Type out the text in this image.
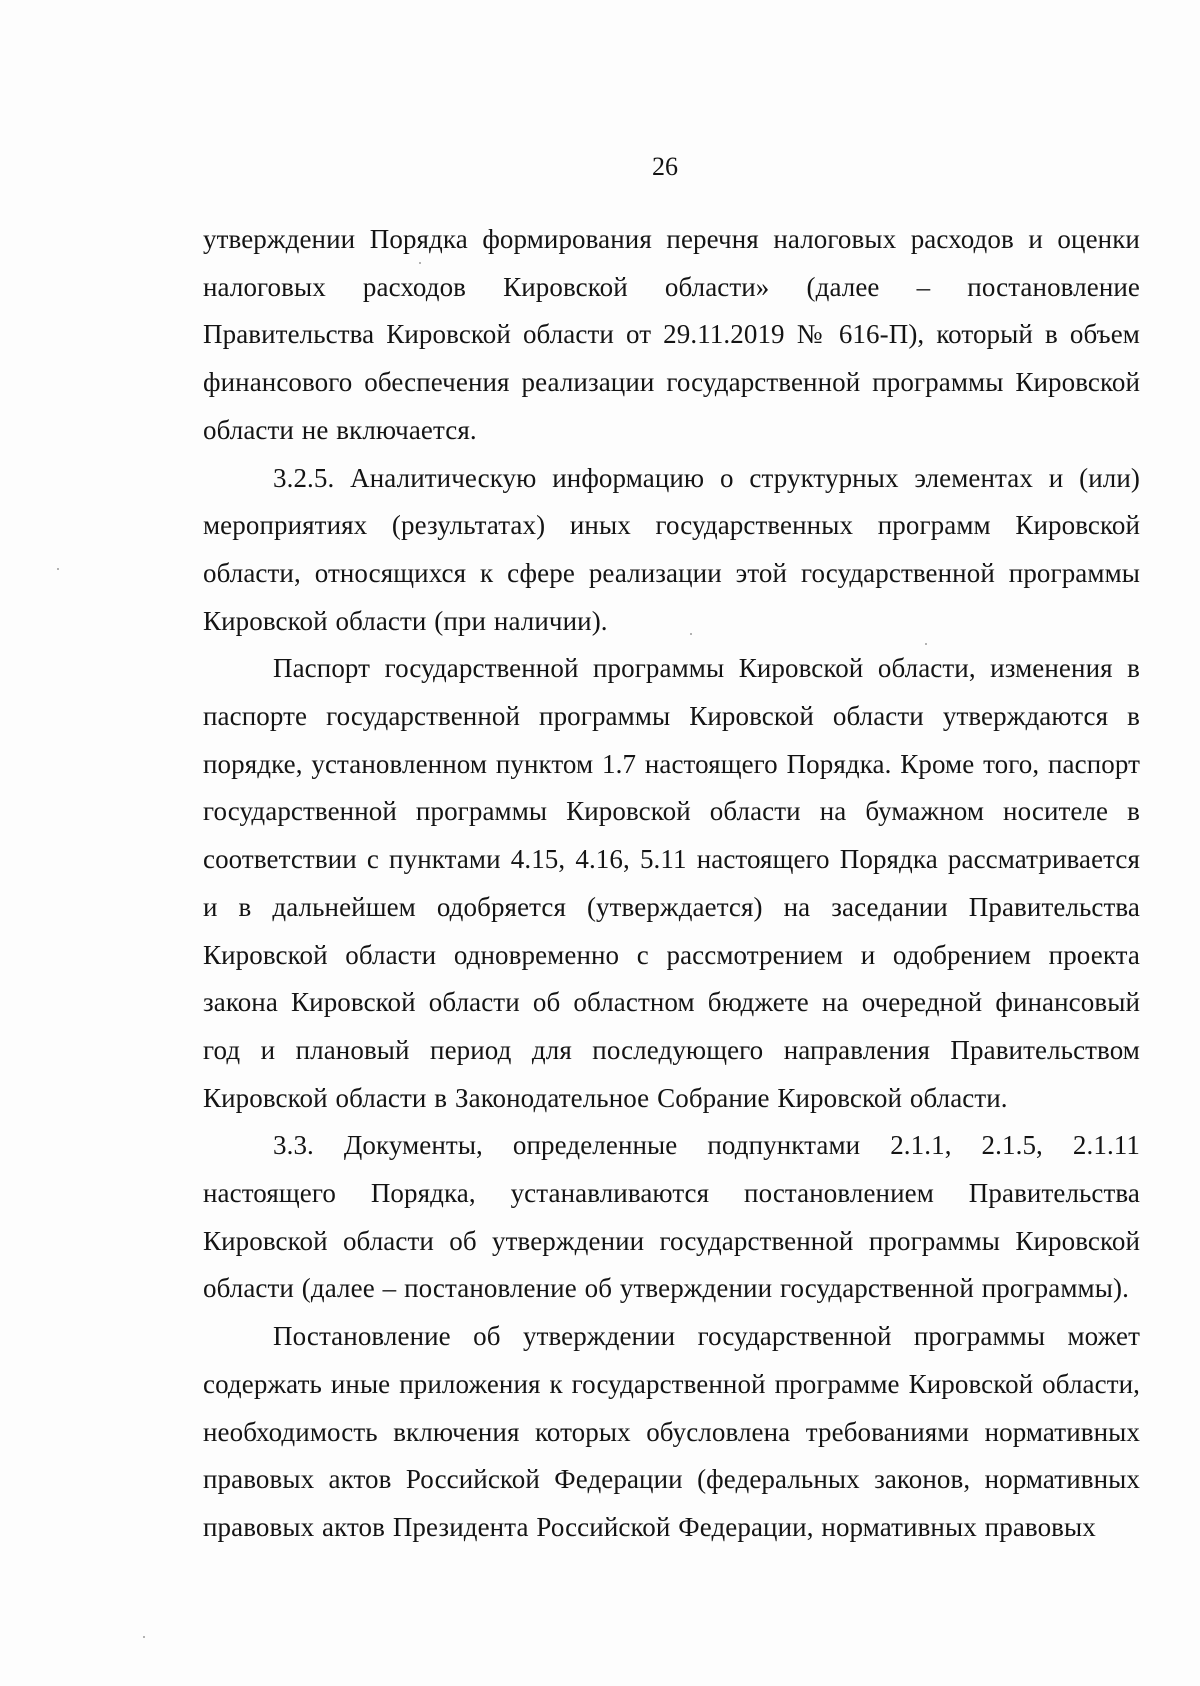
26

утверждении Порядка формирования перечня налоговых расходов и оценки налоговых расходов Кировской области» (далее – постановление Правительства Кировской области от 29.11.2019 № 616-П), который в объем финансового обеспечения реализации государственной программы Кировской области не включается.

3.2.5. Аналитическую информацию о структурных элементах и (или) мероприятиях (результатах) иных государственных программ Кировской области, относящихся к сфере реализации этой государственной программы Кировской области (при наличии).

Паспорт государственной программы Кировской области, изменения в паспорте государственной программы Кировской области утверждаются в порядке, установленном пунктом 1.7 настоящего Порядка. Кроме того, паспорт государственной программы Кировской области на бумажном носителе в соответствии с пунктами 4.15, 4.16, 5.11 настоящего Порядка рассматривается и в дальнейшем одобряется (утверждается) на заседании Правительства Кировской области одновременно с рассмотрением и одобрением проекта закона Кировской области об областном бюджете на очередной финансовый год и плановый период для последующего направления Правительством Кировской области в Законодательное Собрание Кировской области.

3.3. Документы, определенные подпунктами 2.1.1, 2.1.5, 2.1.11 настоящего Порядка, устанавливаются постановлением Правительства Кировской области об утверждении государственной программы Кировской области (далее – постановление об утверждении государственной программы).

Постановление об утверждении государственной программы может содержать иные приложения к государственной программе Кировской области, необходимость включения которых обусловлена требованиями нормативных правовых актов Российской Федерации (федеральных законов, нормативных правовых актов Президента Российской Федерации, нормативных правовых
